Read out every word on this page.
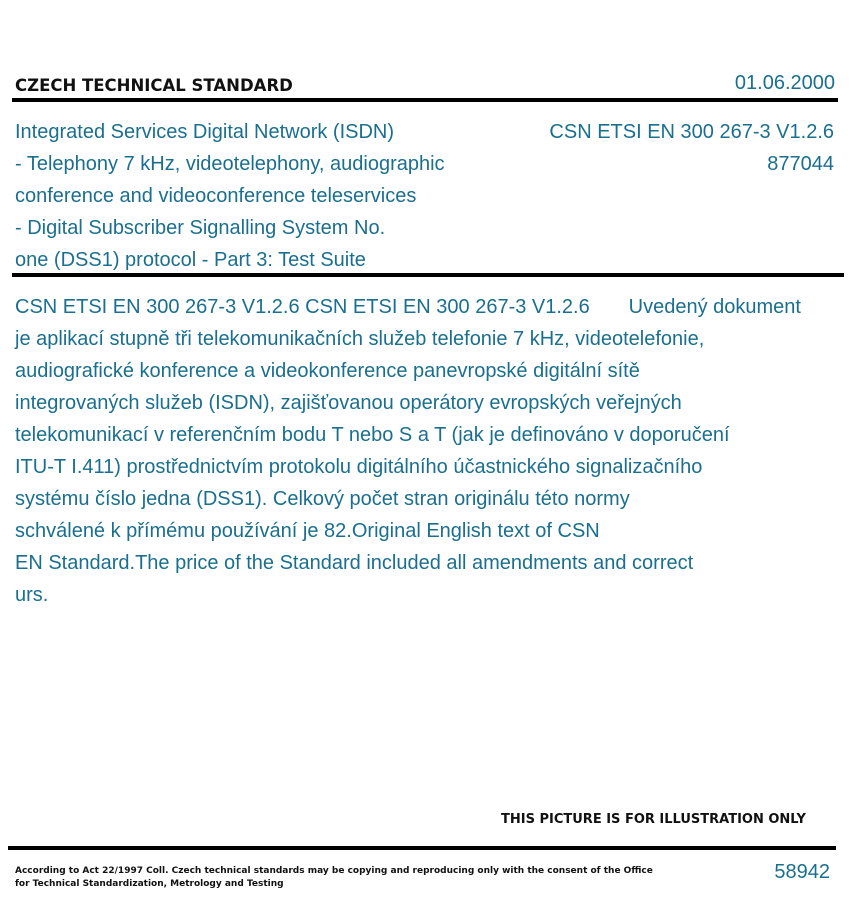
CZECH TECHNICAL STANDARD	01.06.2000
Integrated Services Digital Network (ISDN)
- Telephony 7 kHz, videotelephony, audiographic
conference and videoconference teleservices
- Digital Subscriber Signalling System No.
one (DSS1) protocol - Part 3: Test Suite
CSN ETSI EN 300 267-3 V1.2.6
877044
CSN ETSI EN 300 267-3 V1.2.6 CSN ETSI EN 300 267-3 V1.2.6       Uvedený dokument
je aplikací stupně tři telekomunikačních služeb telefonie 7 kHz, videotelefonie,
audiografické konference a videokonference panevropské digitální sítě
integrovaných služeb (ISDN), zajišťovanou operátory evropských veřejných
telekomunikací v referenčním bodu T nebo S a T (jak je definováno v doporučení
ITU-T I.411) prostřednictvím protokolu digitálního účastnického signalizačního
systému číslo jedna (DSS1). Celkový počet stran originálu této normy
schválené k přímému používání je 82.Original English text of CSN
EN Standard.The price of the Standard included all amendments and correct
urs.
THIS PICTURE IS FOR ILLUSTRATION ONLY
According to Act 22/1997 Coll. Czech technical standards may be copying and reproducing only with the consent of the Office
for Technical Standardization, Metrology and Testing
58942
